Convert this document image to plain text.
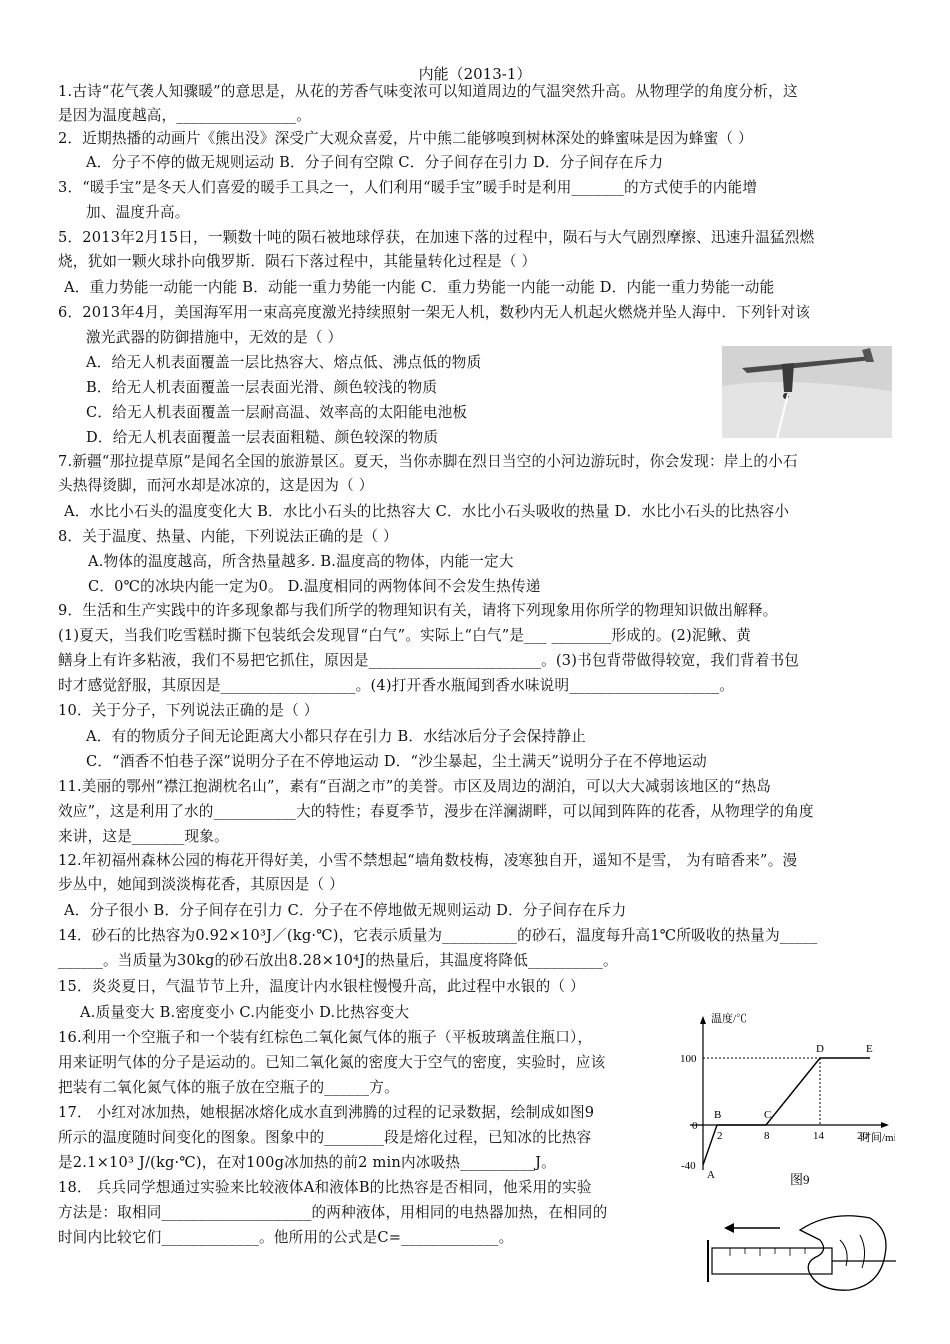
内能（2013-1）
1.古诗“花气袭人知骤暖”的意思是，从花的芳香气味变浓可以知道周边的气温突然升高。从物理学的角度分析，这
是因为温度越高，________________。
2．近期热播的动画片《熊出没》深受广大观众喜爱，片中熊二能够嗅到树林深处的蜂蜜味是因为蜂蜜（ ）
A．分子不停的做无规则运动 B．分子间有空隙 C．分子间存在引力 D．分子间存在斥力
3．“暖手宝”是冬天人们喜爱的暖手工具之一，人们利用“暖手宝”暖手时是利用_______的方式使手的内能增
加、温度升高。
5．2013年2月15日，一颗数十吨的陨石被地球俘获，在加速下落的过程中，陨石与大气剧烈摩擦、迅速升温猛烈燃
烧，犹如一颗火球扑向俄罗斯．陨石下落过程中，其能量转化过程是（ ）
A．重力势能一动能一内能 B．动能一重力势能一内能 C．重力势能一内能一动能 D．内能一重力势能一动能
6．2013年4月，美国海军用一束高亮度激光持续照射一架无人机，数秒内无人机起火燃烧并坠人海中．下列针对该
激光武器的防御措施中，无效的是（ ）
A．给无人机表面覆盖一层比热容大、熔点低、沸点低的物质
B．给无人机表面覆盖一层表面光滑、颜色较浅的物质
C．给无人机表面覆盖一层耐高温、效率高的太阳能电池板
D．给无人机表面覆盖一层表面粗糙、颜色较深的物质
7.新疆“那拉提草原”是闻名全国的旅游景区。夏天，当你赤脚在烈日当空的小河边游玩时，你会发现：岸上的小石
头热得烫脚，而河水却是冰凉的，这是因为（ ）
A．水比小石头的温度变化大 B．水比小石头的比热容大 C．水比小石头吸收的热量 D．水比小石头的比热容小
8．关于温度、热量、内能，下列说法正确的是（ ）
A.物体的温度越高，所含热量越多. B.温度高的物体，内能一定大
C．0℃的冰块内能一定为0。 D.温度相同的两物体间不会发生热传递
9．生活和生产实践中的许多现象都与我们所学的物理知识有关，请将下列现象用你所学的物理知识做出解释。
(1)夏天，当我们吃雪糕时撕下包装纸会发现冒“白气”。实际上“白气”是___ ________形成的。(2)泥鳅、黄
鳝身上有许多粘液，我们不易把它抓住，原因是_______________________。(3)书包背带做得较宽，我们背着书包
时才感觉舒服，其原因是__________________。(4)打开香水瓶闻到香水味说明____________________。
10．关于分子，下列说法正确的是（ ）
A．有的物质分子间无论距离大小都只存在引力 B．水结冰后分子会保持静止
C．“酒香不怕巷子深”说明分子在不停地运动 D．“沙尘暴起，尘土满天”说明分子在不停地运动
11.美丽的鄂州“襟江抱湖枕名山”，素有“百湖之市”的美誉。市区及周边的湖泊，可以大大减弱该地区的“热岛
效应”，这是利用了水的___________大的特性；春夏季节，漫步在洋澜湖畔，可以闻到阵阵的花香，从物理学的角度
来讲，这是_______现象。
12.年初福州森林公园的梅花开得好美，小雪不禁想起“墙角数枝梅，凌寒独自开，遥知不是雪， 为有暗香来”。漫
步丛中，她闻到淡淡梅花香，其原因是（ ）
A．分子很小 B．分子间存在引力 C．分子在不停地做无规则运动 D．分子间存在斥力
14．砂石的比热容为0.92×10³J／(kg·℃)，它表示质量为__________的砂石，温度每升高1℃所吸收的热量为_____
______。当质量为30kg的砂石放出8.28×10⁴J的热量后，其温度将降低__________。
15．炎炎夏日，气温节节上升，温度计内水银柱慢慢升高，此过程中水银的（ ）
A.质量变大 B.密度变小 C.内能变小 D.比热容变大
16.利用一个空瓶子和一个装有红棕色二氧化氮气体的瓶子（平板玻璃盖住瓶口），
用来证明气体的分子是运动的。已知二氧化氮的密度大于空气的密度，实验时，应该
把装有二氧化氮气体的瓶子放在空瓶子的______方。
17． 小红对冰加热，她根据冰熔化成水直到沸腾的过程的记录数据，绘制成如图9
所示的温度随时间变化的图象。图象中的________段是熔化过程，已知冰的比热容
是2.1×10³ J/(kg·℃)，在对100g冰加热的前2 min内冰吸热__________J。
18． 兵兵同学想通过实验来比较液体A和液体B的比热容是否相同，他采用的实验
方法是：取相同____________________的两种液体，用相同的电热器加热，在相同的
时间内比较它们_____________。他所用的公式是C=_____________。
温度/℃
时间/m
100
0
-40
2	8	14	20
A
B	C
D	E
图9
